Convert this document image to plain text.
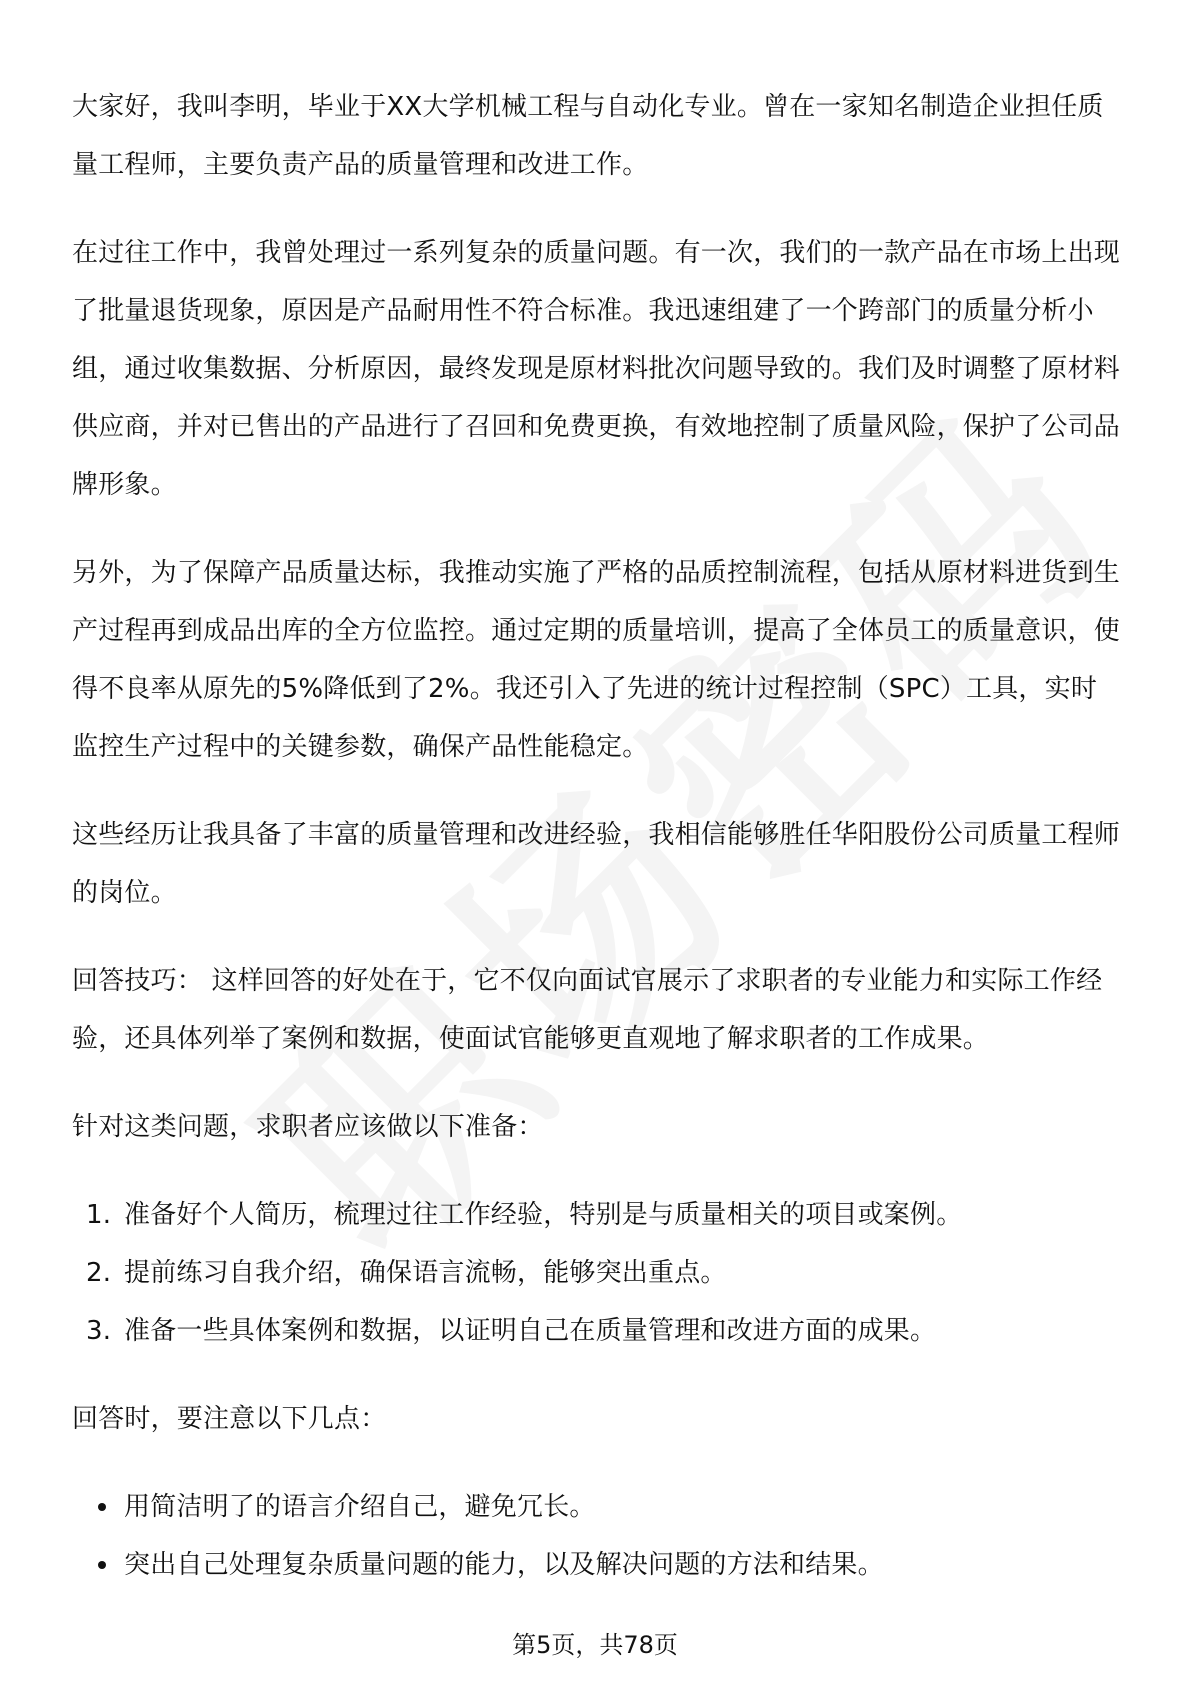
大家好，我叫李明，毕业于XX大学机械工程与自动化专业。曾在一家知名制造企业担任质量工程师，主要负责产品的质量管理和改进工作。

在过往工作中，我曾处理过一系列复杂的质量问题。有一次，我们的一款产品在市场上出现了批量退货现象，原因是产品耐用性不符合标准。我迅速组建了一个跨部门的质量分析小组，通过收集数据、分析原因，最终发现是原材料批次问题导致的。我们及时调整了原材料供应商，并对已售出的产品进行了召回和免费更换，有效地控制了质量风险，保护了公司品牌形象。

另外，为了保障产品质量达标，我推动实施了严格的品质控制流程，包括从原材料进货到生产过程再到成品出库的全方位监控。通过定期的质量培训，提高了全体员工的质量意识，使得不良率从原先的5%降低到了2%。我还引入了先进的统计过程控制（SPC）工具，实时监控生产过程中的关键参数，确保产品性能稳定。

这些经历让我具备了丰富的质量管理和改进经验，我相信能够胜任华阳股份公司质量工程师的岗位。

回答技巧： 这样回答的好处在于，它不仅向面试官展示了求职者的专业能力和实际工作经验，还具体列举了案例和数据，使面试官能够更直观地了解求职者的工作成果。

针对这类问题，求职者应该做以下准备：

1. 准备好个人简历，梳理过往工作经验，特别是与质量相关的项目或案例。
2. 提前练习自我介绍，确保语言流畅，能够突出重点。
3. 准备一些具体案例和数据，以证明自己在质量管理和改进方面的成果。

回答时，要注意以下几点：

用简洁明了的语言介绍自己，避免冗长。
突出自己处理复杂质量问题的能力，以及解决问题的方法和结果。
第5页，共78页
